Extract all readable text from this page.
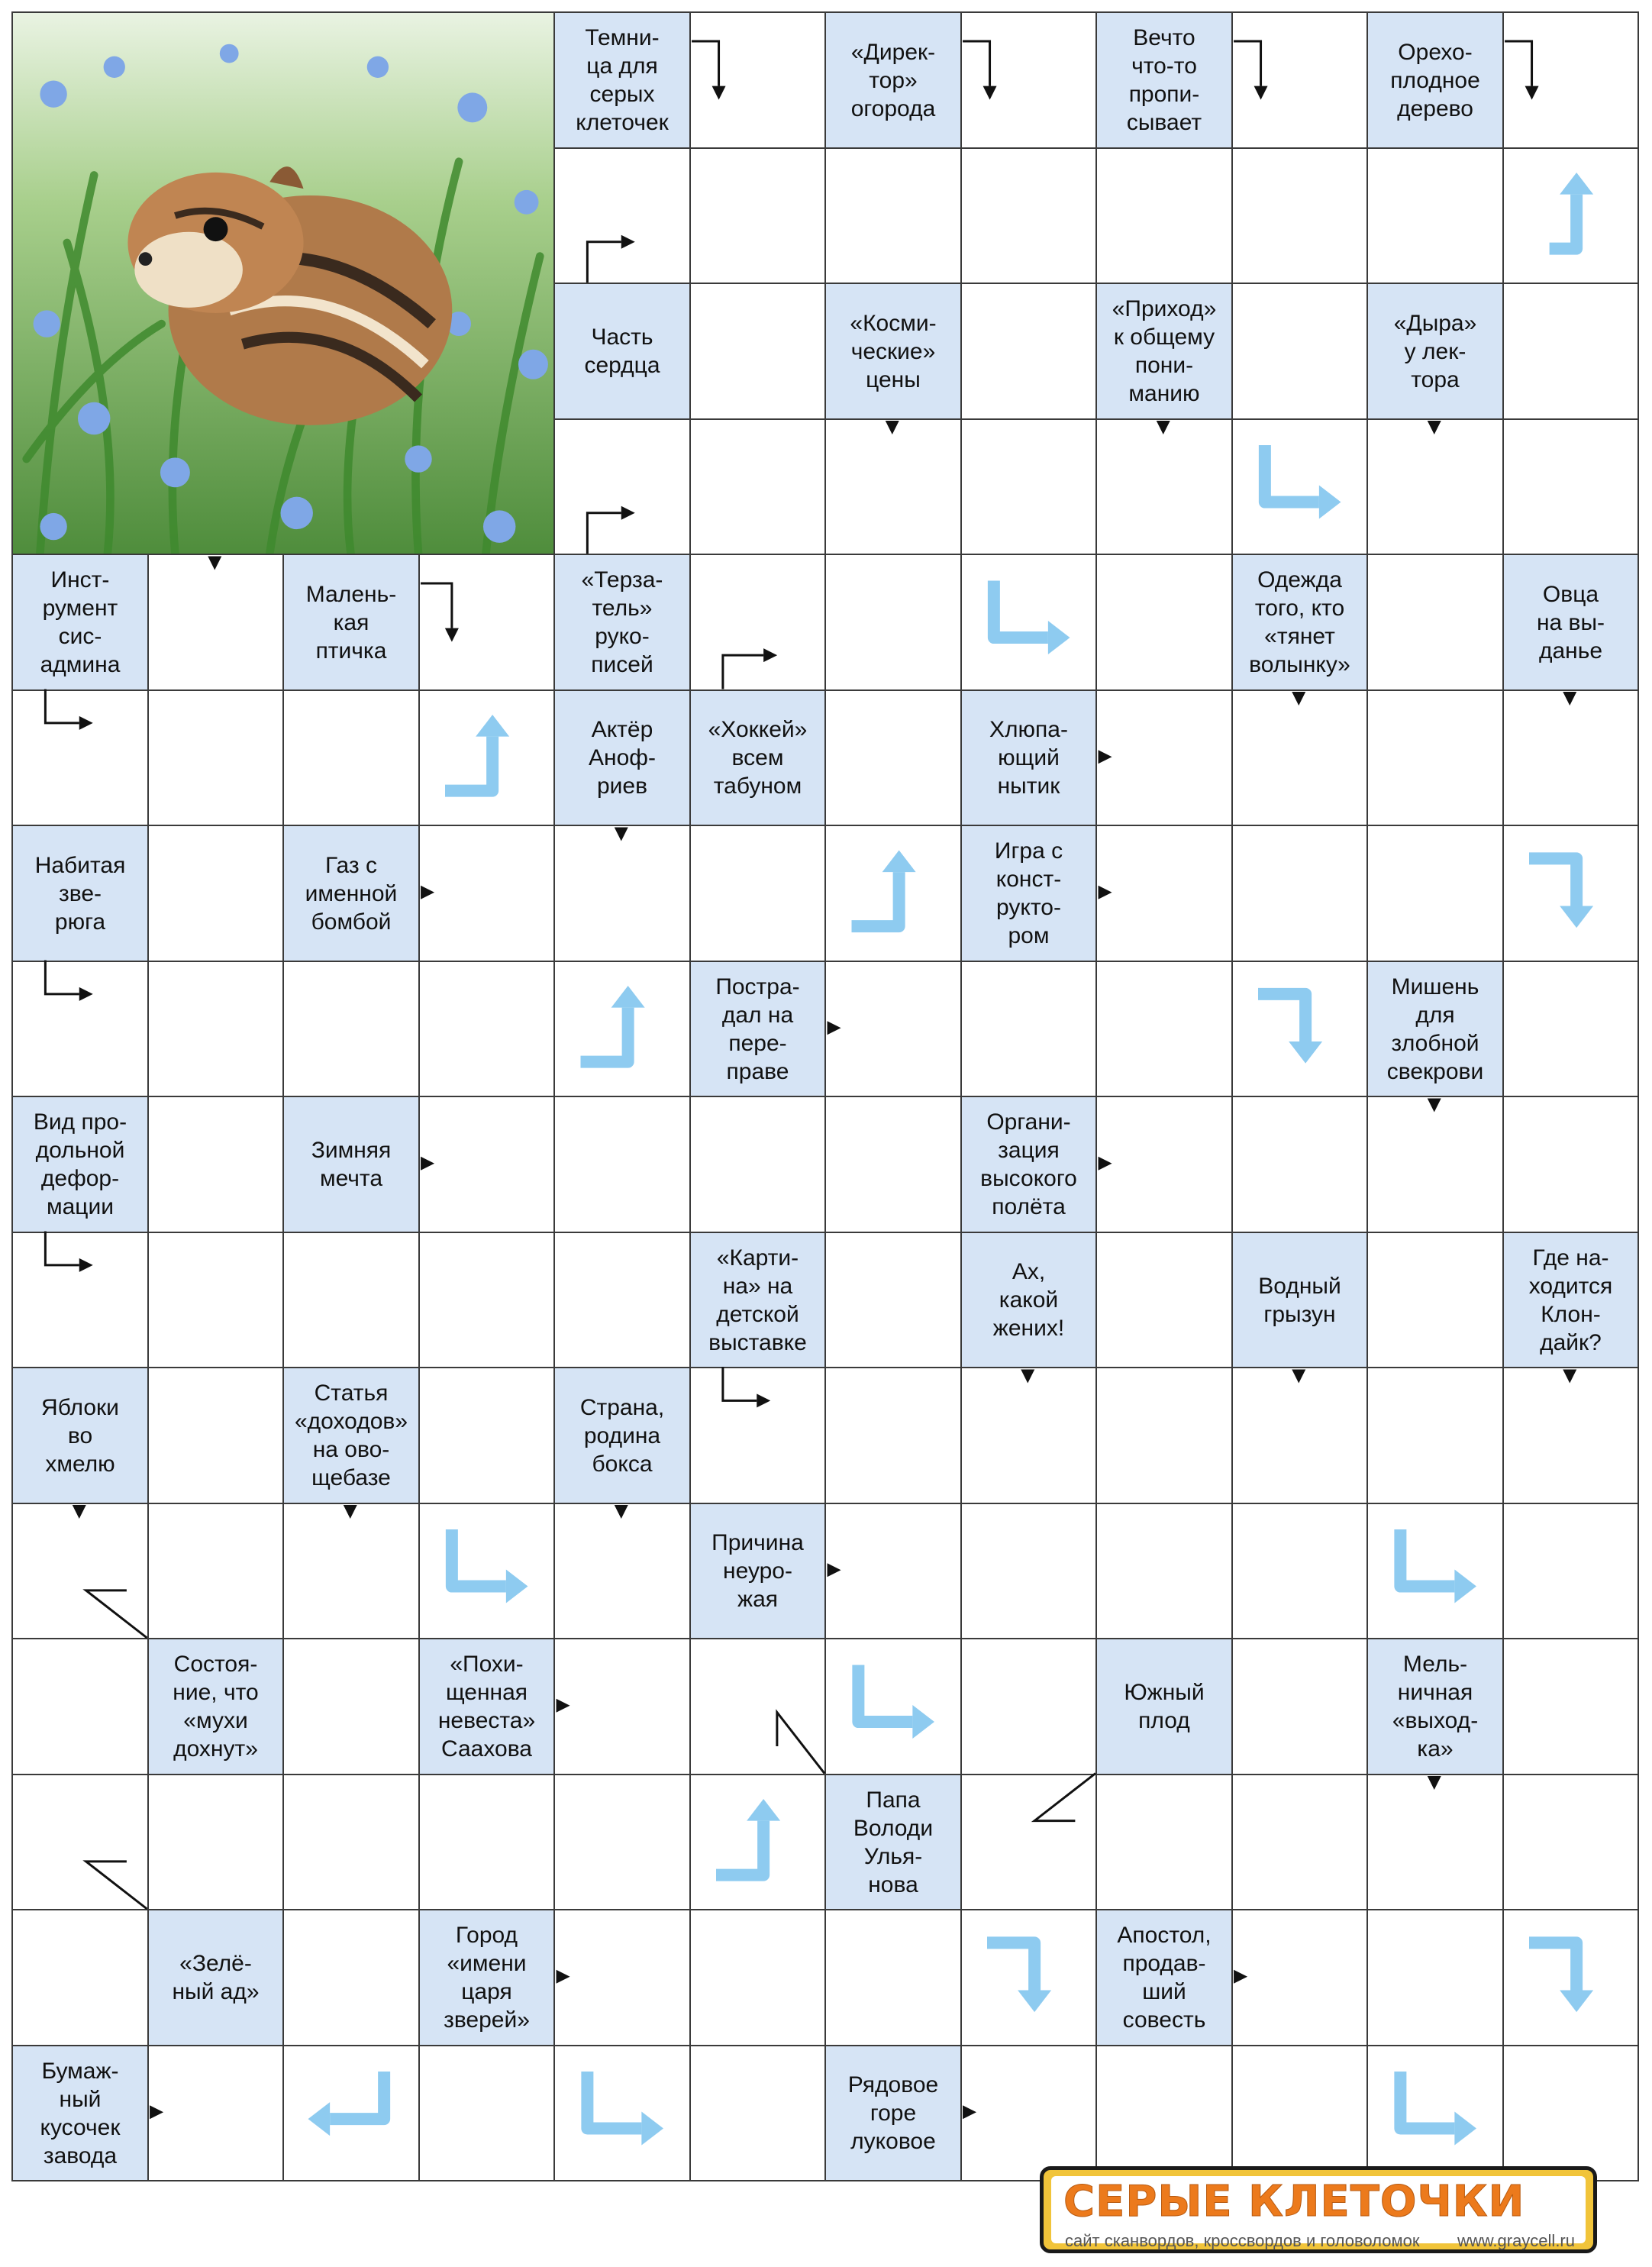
Темни-
ца для
серых
клеточек
«Дирек-
тор»
огорода
Вечто
что-то
пропи-
сывает
Орехо-
плодное
дерево
Часть
сердца
«Косми-
ческие»
цены
«Приход»
к общему
пони-
манию
«Дыра»
у лек-
тора
Инст-
румент
сис-
админа
Малень-
кая
птичка
«Терза-
тель»
руко-
писей
Одежда
того, кто
«тянет
волынку»
Овца
на вы-
данье
Актёр
Аноф-
риев
«Хоккей»
всем
табуном
Хлюпа-
ющий
нытик
Набитая
зве-
рюга
Газ с
именной
бомбой
Игра с
конст-
рукто-
ром
Постра-
дал на
пере-
праве
Мишень
для
злобной
свекрови
Вид про-
дольной
дефор-
мации
Зимняя
мечта
Органи-
зация
высокого
полёта
«Карти-
на» на
детской
выставке
Ах,
какой
жених!
Водный
грызун
Где на-
ходится
Клон-
дайк?
Яблоки
во
хмелю
Статья
«доходов»
на ово-
щебазе
Страна,
родина
бокса
Причина
неуро-
жая
Состоя-
ние, что
«мухи
дохнут»
«Похи-
щенная
невеста»
Саахова
Южный
плод
Мель-
ничная
«выход-
ка»
Папа
Володи
Улья-
нова
«Зелё-
ный ад»
Город
«имени
царя
зверей»
Апостол,
продав-
ший
совесть
Бумаж-
ный
кусочек
завода
Рядовое
горе
луковое
СЕРЫЕ КЛЕТОЧКИ
сайт сканвордов, кроссвордов и головоломок www.graycell.ru
